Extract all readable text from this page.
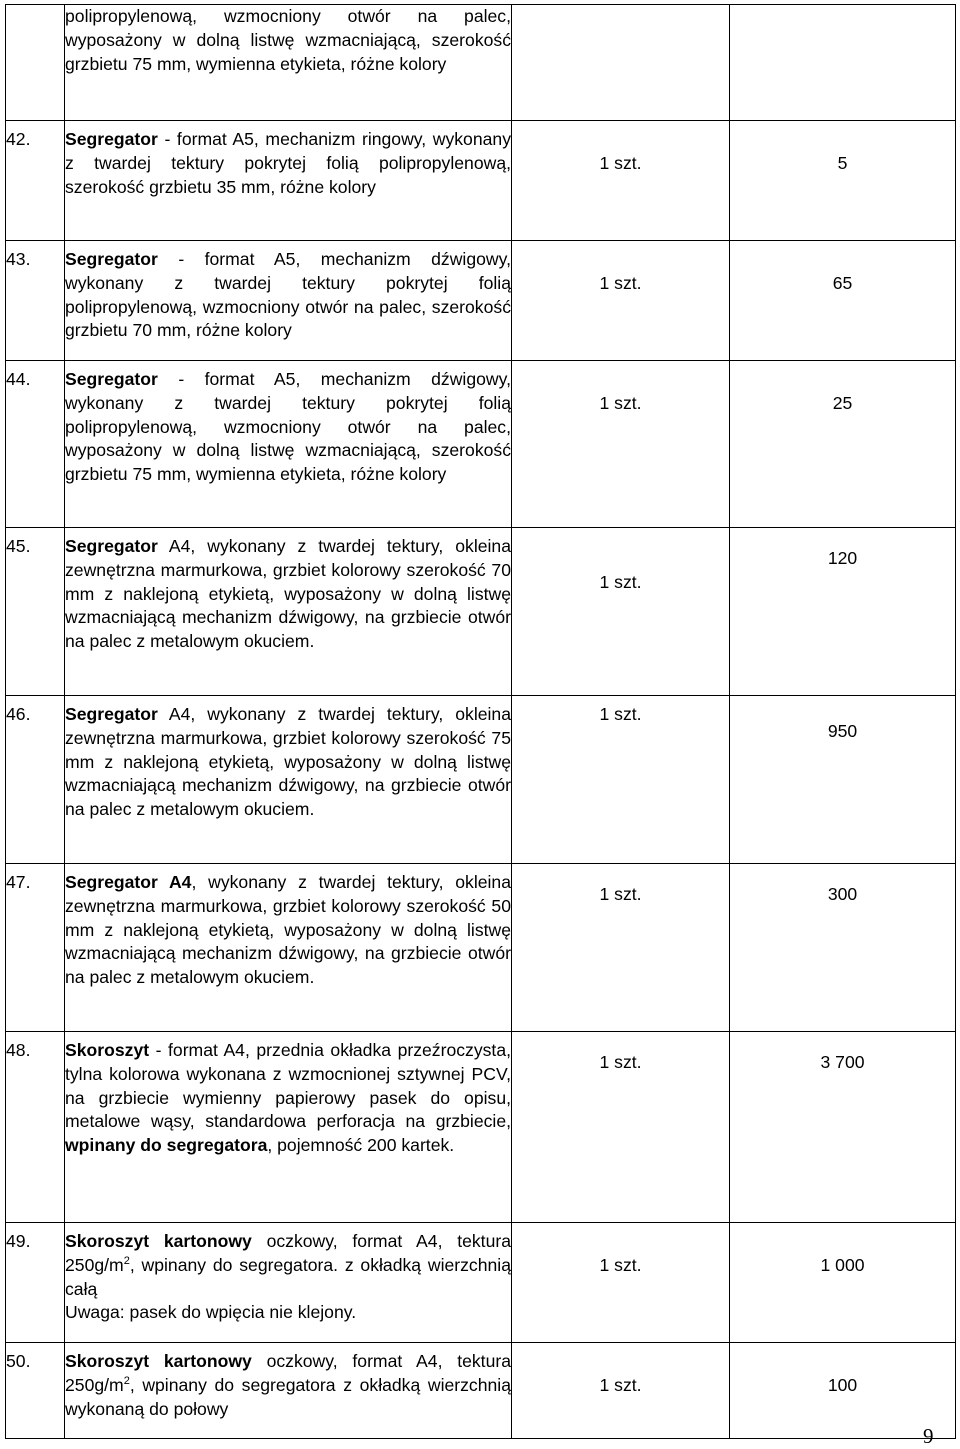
	polipropylenową, wzmocniony otwór na palec, wyposażony w dolną listwę wzmacniającą, szerokość grzbietu 75 mm, wymienna etykieta, różne kolory		

42.	Segregator - format A5, mechanizm ringowy, wykonany z twardej tektury pokrytej folią polipropylenową, szerokość grzbietu 35 mm, różne kolory	1 szt.	5

43.	Segregator - format A5, mechanizm dźwigowy, wykonany z twardej tektury pokrytej folią polipropylenową, wzmocniony otwór na palec, szerokość grzbietu 70 mm, różne kolory	1 szt.	65

44.	Segregator - format A5, mechanizm dźwigowy, wykonany z twardej tektury pokrytej folią polipropylenową, wzmocniony otwór na palec, wyposażony w dolną listwę wzmacniającą, szerokość grzbietu 75 mm, wymienna etykieta, różne kolory	1 szt.	25

45.	Segregator A4, wykonany z twardej tektury, okleina zewnętrzna marmurkowa, grzbiet kolorowy szerokość 70 mm z naklejoną etykietą, wyposażony w dolną listwę wzmacniającą mechanizm dźwigowy, na grzbiecie otwór na palec z metalowym okuciem.	1 szt.	120

46.	Segregator A4, wykonany z twardej tektury, okleina zewnętrzna marmurkowa, grzbiet kolorowy szerokość 75 mm z naklejoną etykietą, wyposażony w dolną listwę wzmacniającą mechanizm dźwigowy, na grzbiecie otwór na palec z metalowym okuciem.	1 szt.	950

47.	Segregator A4, wykonany z twardej tektury, okleina zewnętrzna marmurkowa, grzbiet kolorowy szerokość 50 mm z naklejoną etykietą, wyposażony w dolną listwę wzmacniającą mechanizm dźwigowy, na grzbiecie otwór na palec z metalowym okuciem.	1 szt.	300

48.	Skoroszyt - format A4, przednia okładka przeźroczysta, tylna kolorowa wykonana z wzmocnionej sztywnej PCV, na grzbiecie wymienny papierowy pasek do opisu, metalowe wąsy, standardowa perforacja na grzbiecie, wpinany do segregatora, pojemność 200 kartek.	1 szt.	3 700

49.	Skoroszyt kartonowy oczkowy, format A4, tektura $250g/m^2$, wpinany do segregatora. z okładką wierzchnią całą
Uwaga: pasek do wpięcia nie klejony.	1 szt.	1 000

50.	Skoroszyt kartonowy oczkowy, format A4, tektura $250g/m^2$, wpinany do segregatora z okładką wierzchnią wykonaną do połowy	1 szt.	100
9
